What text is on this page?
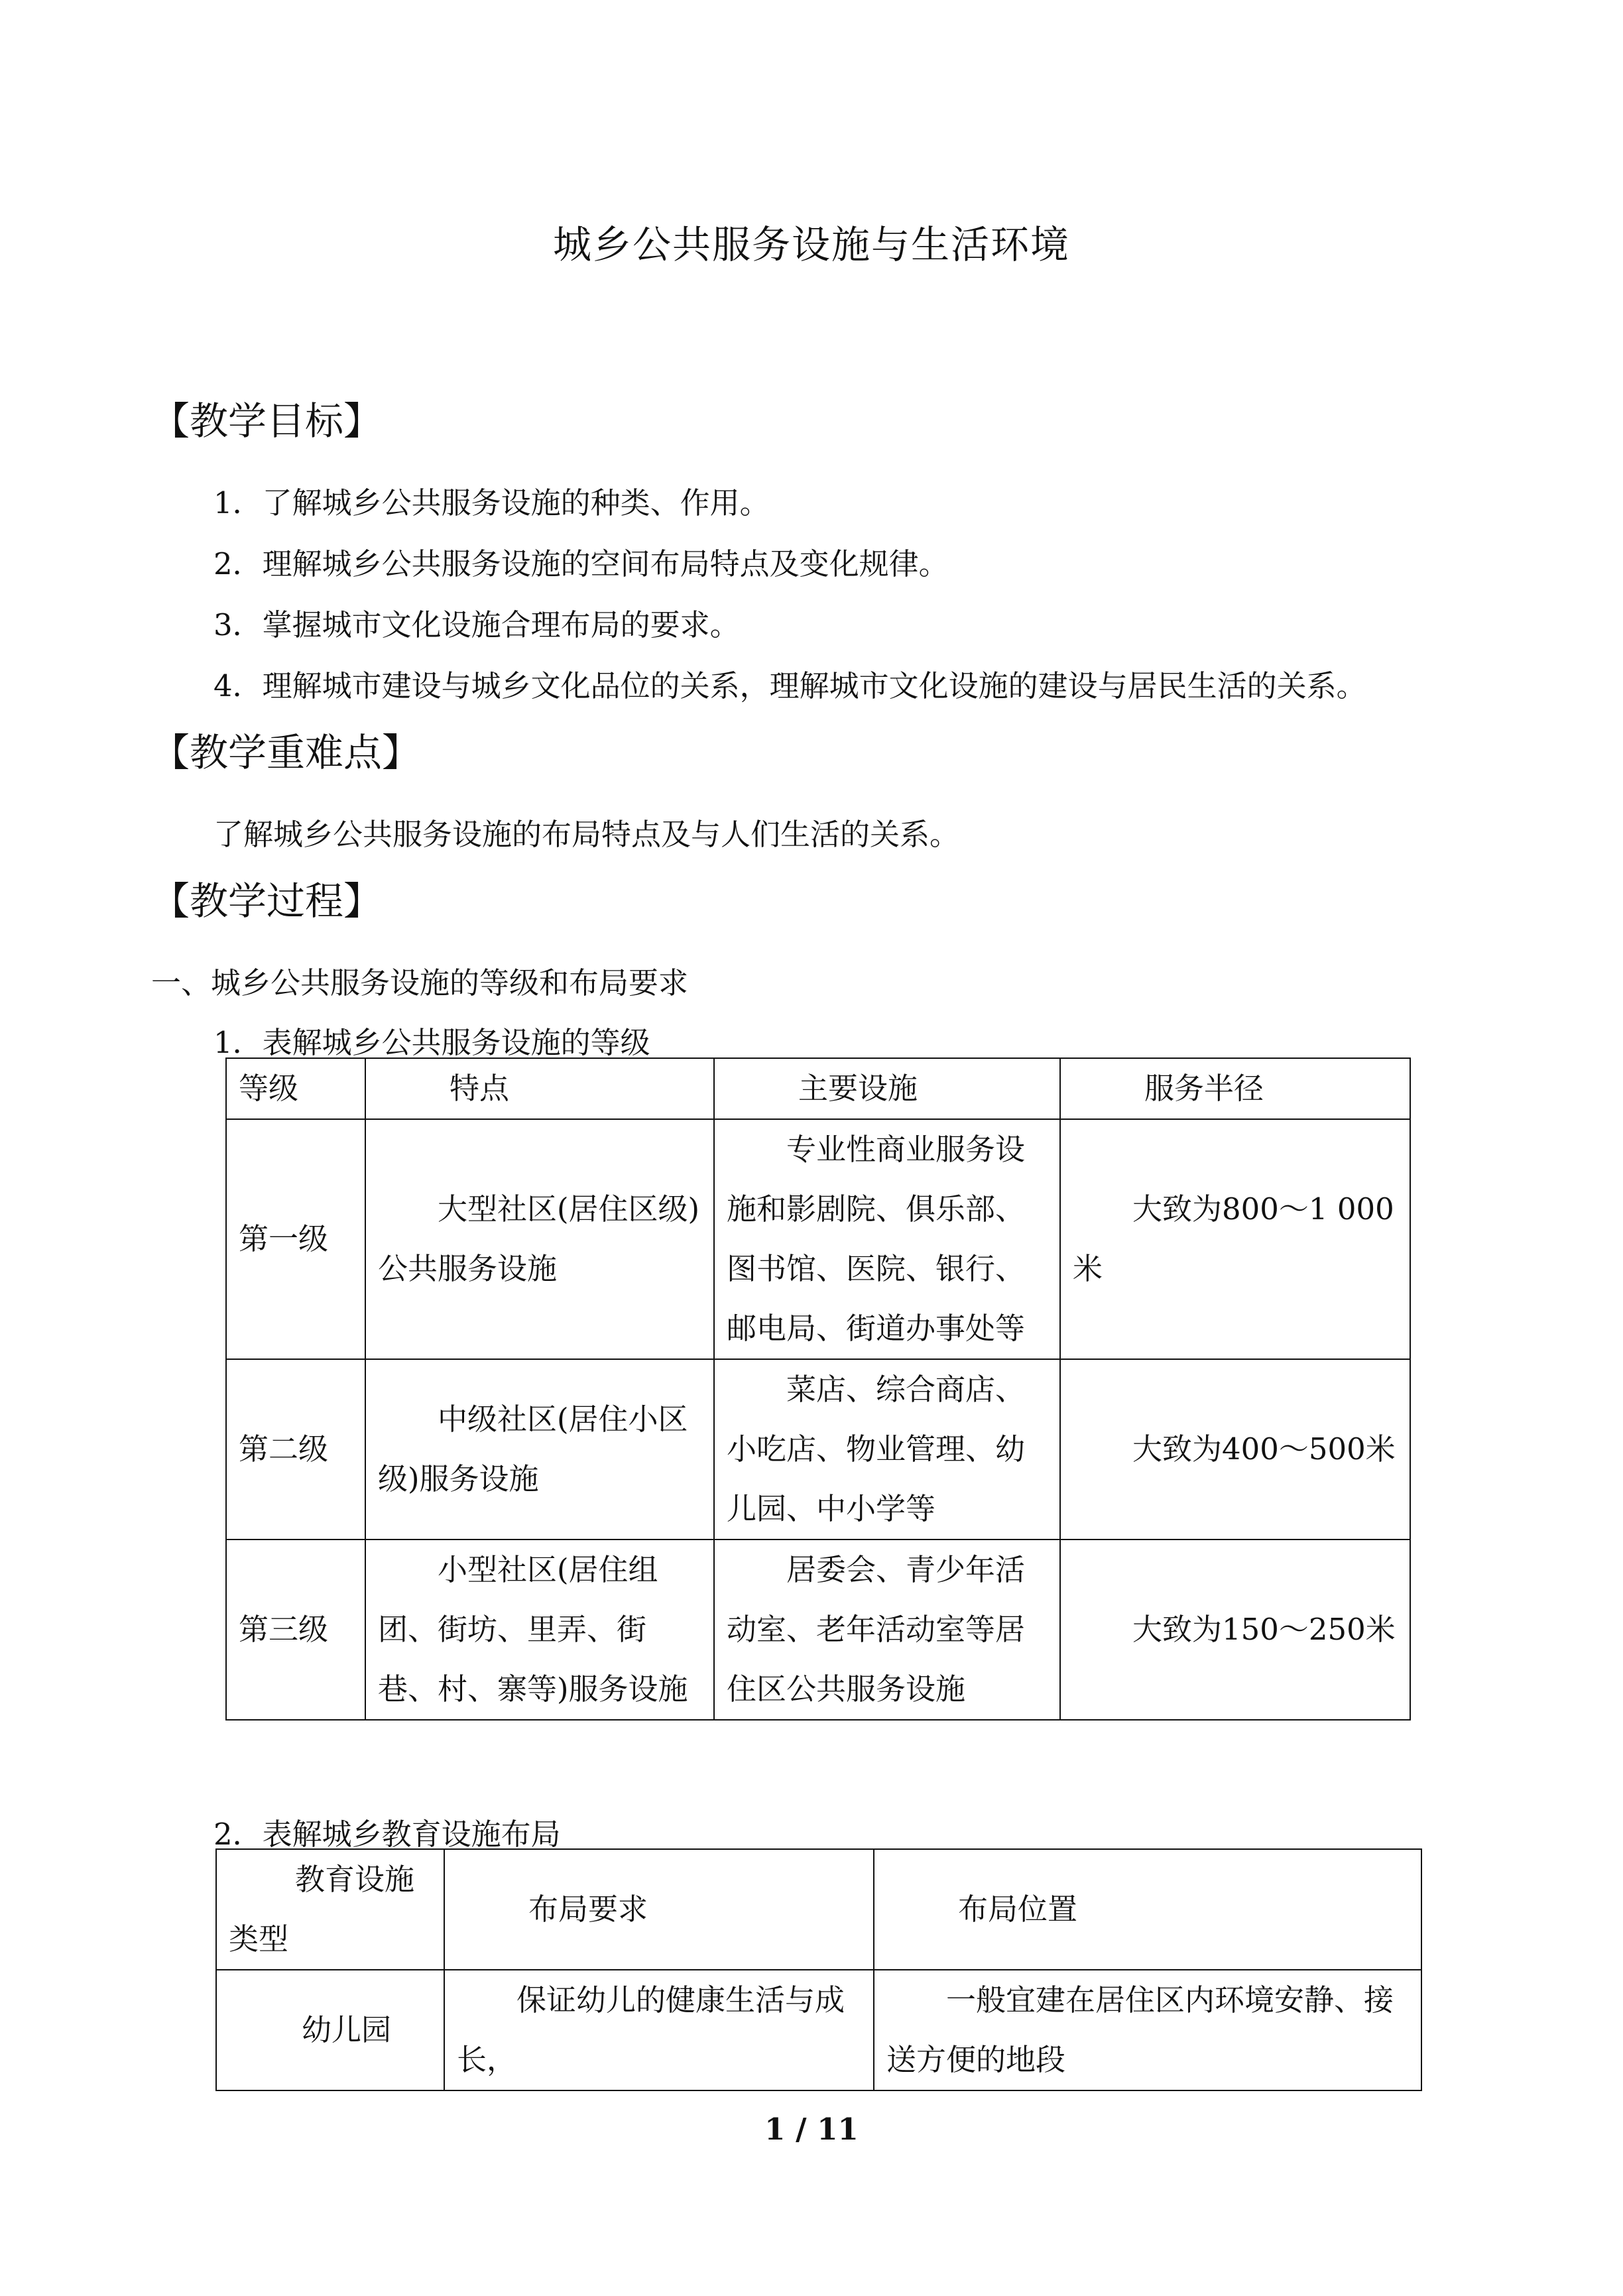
城乡公共服务设施与生活环境
【教学目标】

1．了解城乡公共服务设施的种类、作用。

2．理解城乡公共服务设施的空间布局特点及变化规律。

3．掌握城市文化设施合理布局的要求。

4．理解城市建设与城乡文化品位的关系，理解城市文化设施的建设与居民生活的关系。

【教学重难点】

了解城乡公共服务设施的布局特点及与人们生活的关系。

【教学过程】

一、城乡公共服务设施的等级和布局要求

1．表解城乡公共服务设施的等级

等级	特点	主要设施	服务半径
第一级	大型社区(居住区级)公共服务设施	专业性商业服务设施和影剧院、俱乐部、图书馆、医院、银行、邮电局、街道办事处等	大致为800～1 000米
第二级	中级社区(居住小区级)服务设施	菜店、综合商店、小吃店、物业管理、幼儿园、中小学等	大致为400～500米
第三级	小型社区(居住组团、街坊、里弄、街巷、村、寨等)服务设施	居委会、青少年活动室、老年活动室等居住区公共服务设施	大致为150～250米

2．表解城乡教育设施布局

教育设施类型	布局要求	布局位置
幼儿园	保证幼儿的健康生活与成长，	一般宜建在居住区内环境安静、接送方便的地段

1 / 11
